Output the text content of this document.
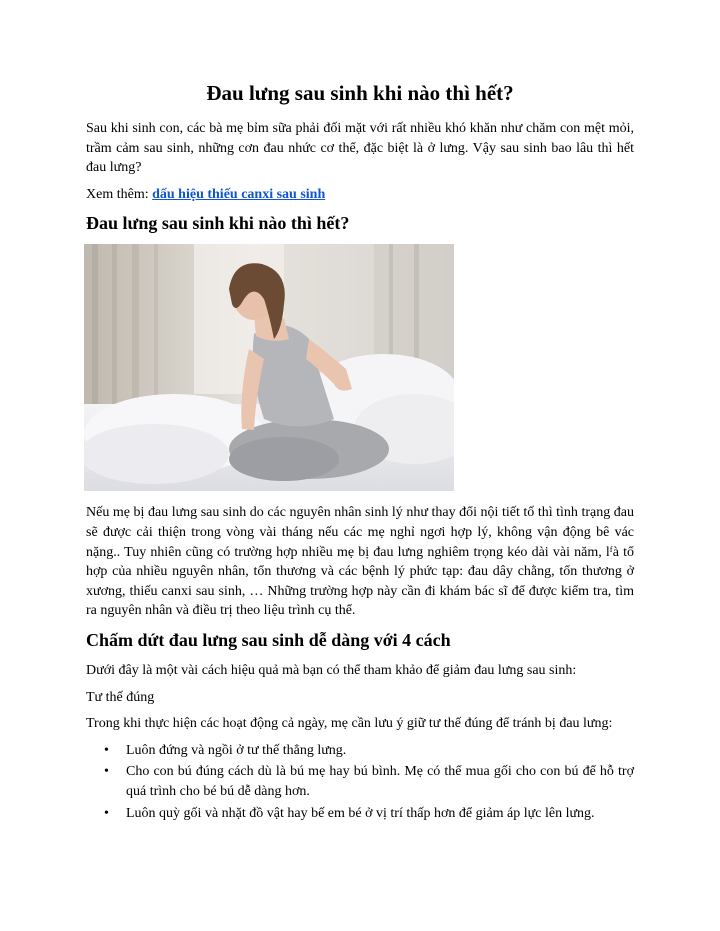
Đau lưng sau sinh khi nào thì hết?

Sau khi sinh con, các bà mẹ bỉm sữa phải đối mặt với rất nhiều khó khăn như chăm con mệt mỏi, trầm cảm sau sinh, những cơn đau nhức cơ thể, đặc biệt là ở lưng. Vậy sau sinh bao lâu thì hết đau lưng?

Xem thêm: dấu hiệu thiếu canxi sau sinh

Đau lưng sau sinh khi nào thì hết?

Nếu mẹ bị đau lưng sau sinh do các nguyên nhân sinh lý như thay đổi nội tiết tố thì tình trạng đau sẽ được cải thiện trong vòng vài tháng nếu các mẹ nghỉ ngơi hợp lý, không vận động bê vác nặng.. Tuy nhiên cũng có trường hợp nhiều mẹ bị đau lưng nghiêm trọng kéo dài vài năm, lᶠà tổ hợp của nhiều nguyên nhân, tổn thương và các bệnh lý phức tạp: đau dây chằng, tổn thương ở xương, thiếu canxi sau sinh, … Những trường hợp này cần đi khám bác sĩ để được kiểm tra, tìm ra nguyên nhân và điều trị theo liệu trình cụ thể.

Chấm dứt đau lưng sau sinh dễ dàng với 4 cách

Dưới đây là một vài cách hiệu quả mà bạn có thể tham khảo để giảm đau lưng sau sinh:

Tư thế đúng

Trong khi thực hiện các hoạt động cả ngày, mẹ cần lưu ý giữ tư thế đúng để tránh bị đau lưng:

• Luôn đứng và ngồi ở tư thế thẳng lưng.
• Cho con bú đúng cách dù là bú mẹ hay bú bình. Mẹ có thể mua gối cho con bú để hỗ trợ quá trình cho bé bú dễ dàng hơn.
• Luôn quỳ gối và nhặt đồ vật hay bế em bé ở vị trí thấp hơn để giảm áp lực lên lưng.
